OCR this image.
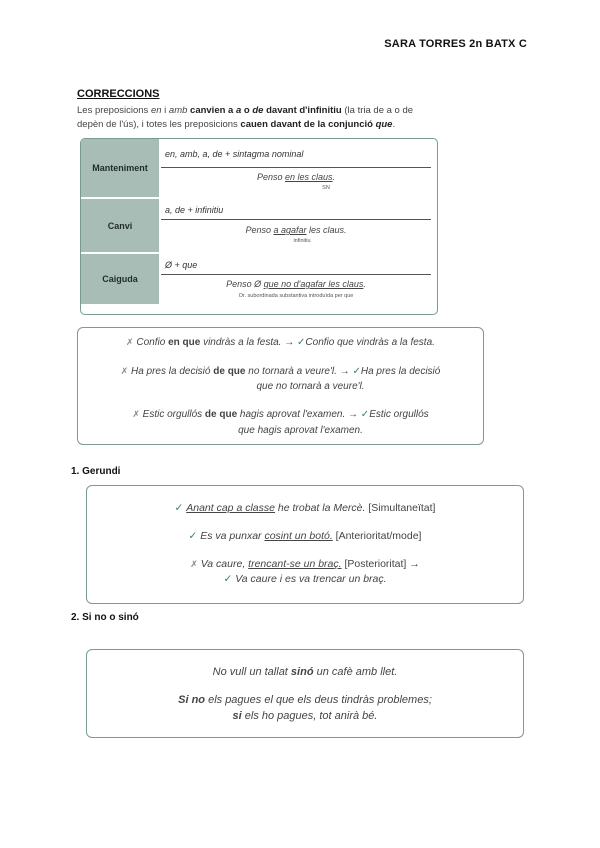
SARA TORRES 2n BATX C
CORRECCIONS
Les preposicions en i amb canvien a a o de davant d'infinitiu (la tria de a o de
depèn de l'ús), i totes les preposicions cauen davant de la conjunció que.
Manteniment
en, amb, a, de + sintagma nominal
Penso en les claus.
SN
Canvi
a, de + infinitiu
Penso a agafar les claus.
infinitiu
Caiguda
Ø + que
Penso Ø que no d'agafar les claus.
Or. subordinada substantiva introduïda per que
✗ Confio en que vindràs a la festa. → ✓Confio que vindràs a la festa.
✗ Ha pres la decisió de que no tornarà a veure'l. → ✓Ha pres la decisió
que no tornarà a veure'l.
✗ Estic orgullós de que hagis aprovat l'examen. → ✓Estic orgullós
que hagis aprovat l'examen.
1. Gerundi
✓ Anant cap a classe he trobat la Mercè. [Simultaneïtat]
✓ Es va punxar cosint un botó. [Anterioritat/mode]
✗ Va caure, trencant-se un braç. [Posterioritat] →
✓ Va caure i es va trencar un braç.
2. Si no o sinó
No vull un tallat sinó un cafè amb llet.
Si no els pagues el que els deus tindràs problemes;
si els ho pagues, tot anirà bé.
